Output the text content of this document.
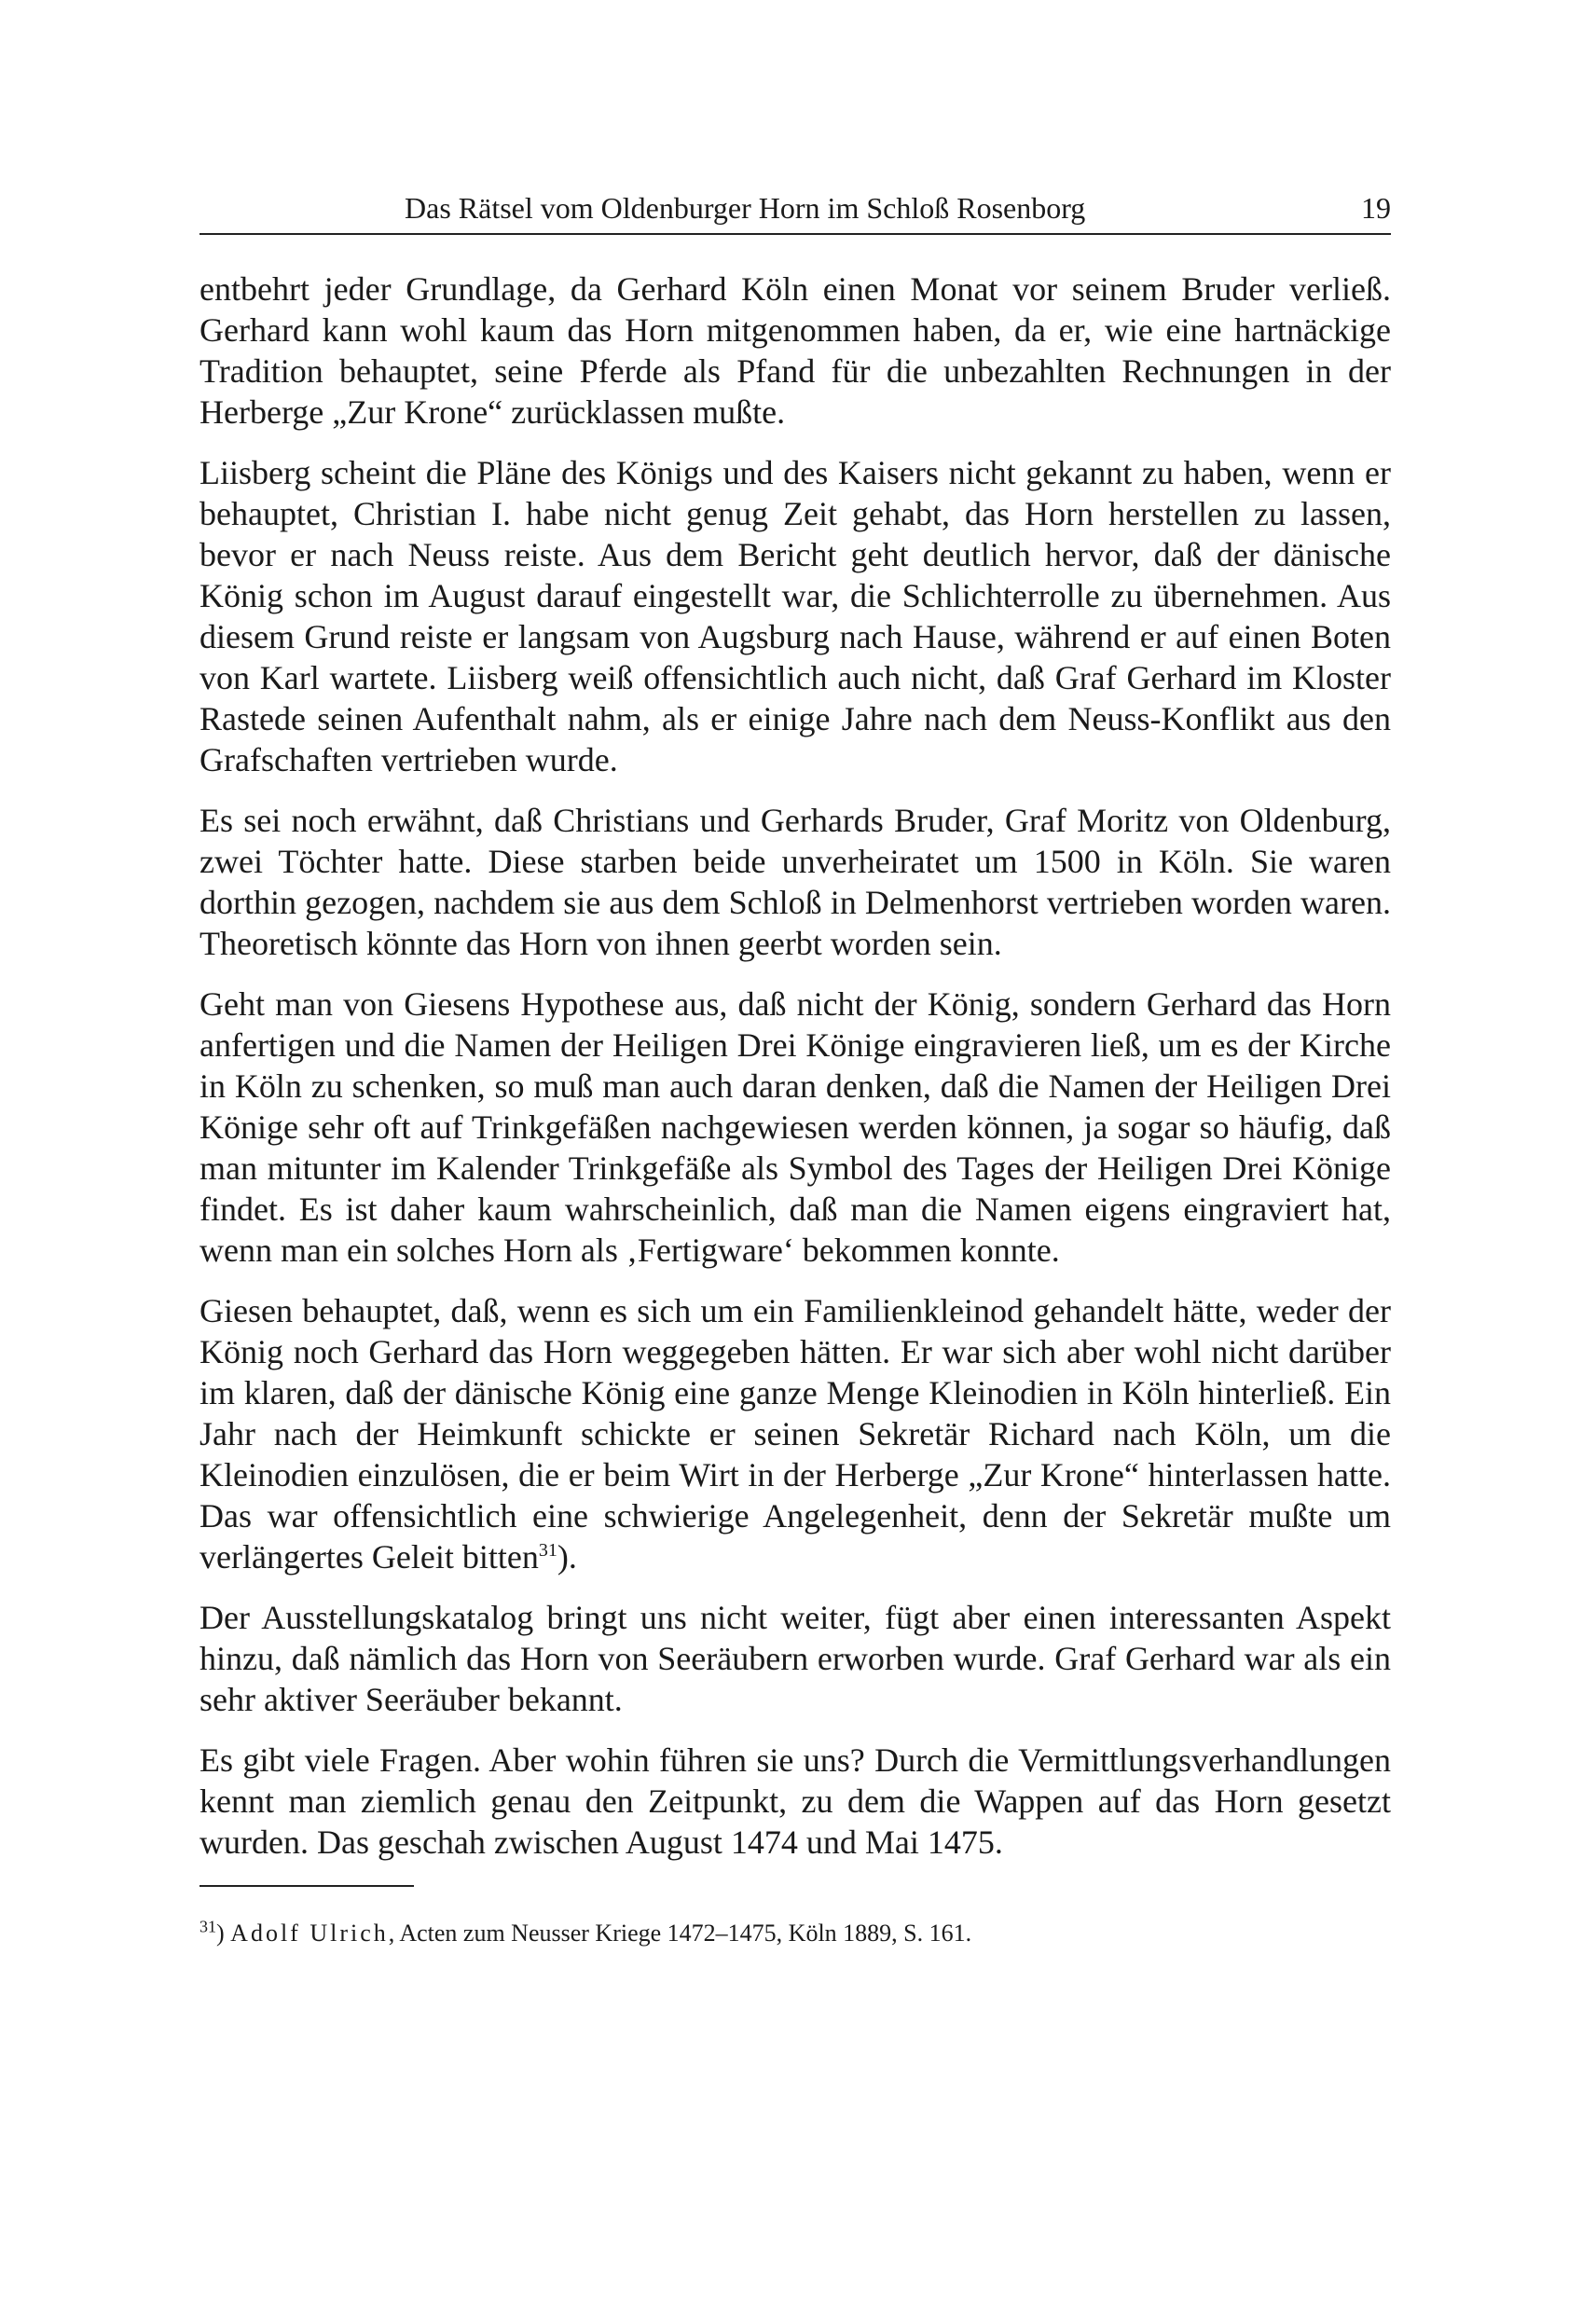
Das Rätsel vom Oldenburger Horn im Schloß Rosenborg	19

entbehrt jeder Grundlage, da Gerhard Köln einen Monat vor seinem Bruder verließ. Gerhard kann wohl kaum das Horn mitgenommen haben, da er, wie eine hartnäckige Tradition behauptet, seine Pferde als Pfand für die unbezahlten Rechnungen in der Herberge „Zur Krone“ zurücklassen mußte.

Liisberg scheint die Pläne des Königs und des Kaisers nicht gekannt zu haben, wenn er behauptet, Christian I. habe nicht genug Zeit gehabt, das Horn herstellen zu lassen, bevor er nach Neuss reiste. Aus dem Bericht geht deutlich hervor, daß der dänische König schon im August darauf eingestellt war, die Schlichterrolle zu übernehmen. Aus diesem Grund reiste er langsam von Augsburg nach Hause, während er auf einen Boten von Karl wartete. Liisberg weiß offensichtlich auch nicht, daß Graf Gerhard im Kloster Rastede seinen Aufenthalt nahm, als er einige Jahre nach dem Neuss-Konflikt aus den Grafschaften vertrieben wurde.

Es sei noch erwähnt, daß Christians und Gerhards Bruder, Graf Moritz von Oldenburg, zwei Töchter hatte. Diese starben beide unverheiratet um 1500 in Köln. Sie waren dorthin gezogen, nachdem sie aus dem Schloß in Delmenhorst vertrieben worden waren. Theoretisch könnte das Horn von ihnen geerbt worden sein.

Geht man von Giesens Hypothese aus, daß nicht der König, sondern Gerhard das Horn anfertigen und die Namen der Heiligen Drei Könige eingravieren ließ, um es der Kirche in Köln zu schenken, so muß man auch daran denken, daß die Namen der Heiligen Drei Könige sehr oft auf Trinkgefäßen nachgewiesen werden können, ja sogar so häufig, daß man mitunter im Kalender Trinkgefäße als Symbol des Tages der Heiligen Drei Könige findet. Es ist daher kaum wahrscheinlich, daß man die Namen eigens eingraviert hat, wenn man ein solches Horn als ‚Fertigware‘ bekommen konnte.

Giesen behauptet, daß, wenn es sich um ein Familienkleinod gehandelt hätte, weder der König noch Gerhard das Horn weggegeben hätten. Er war sich aber wohl nicht darüber im klaren, daß der dänische König eine ganze Menge Kleinodien in Köln hinterließ. Ein Jahr nach der Heimkunft schickte er seinen Sekretär Richard nach Köln, um die Kleinodien einzulösen, die er beim Wirt in der Herberge „Zur Krone“ hinterlassen hatte. Das war offensichtlich eine schwierige Angelegenheit, denn der Sekretär mußte um verlängertes Geleit bitten$^{31}$).

Der Ausstellungskatalog bringt uns nicht weiter, fügt aber einen interessanten Aspekt hinzu, daß nämlich das Horn von Seeräubern erworben wurde. Graf Gerhard war als ein sehr aktiver Seeräuber bekannt.

Es gibt viele Fragen. Aber wohin führen sie uns? Durch die Vermittlungsverhandlungen kennt man ziemlich genau den Zeitpunkt, zu dem die Wappen auf das Horn gesetzt wurden. Das geschah zwischen August 1474 und Mai 1475.

$^{31}$) Adolf Ulrich, Acten zum Neusser Kriege 1472–1475, Köln 1889, S. 161.
